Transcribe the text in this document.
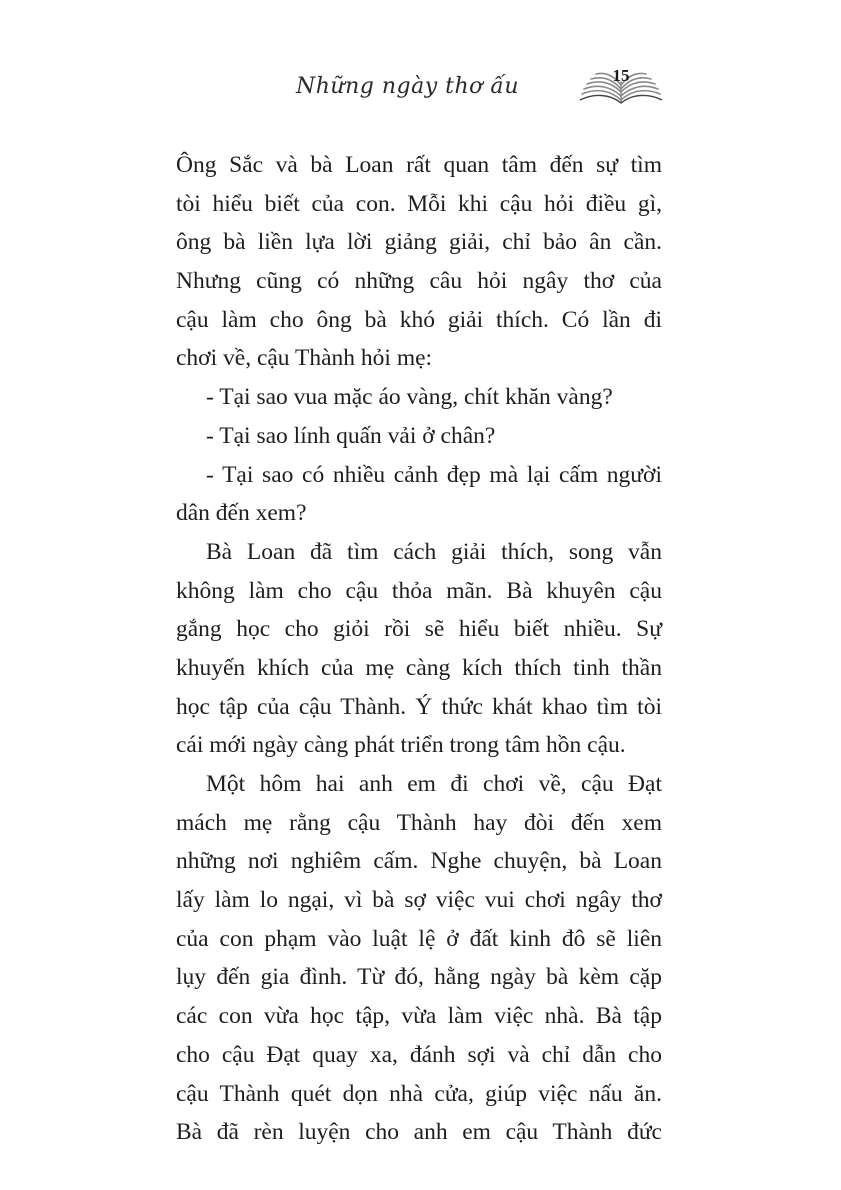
Những ngày thơ ấu	15
Ông Sắc và bà Loan rất quan tâm đến sự tìm
tòi hiểu biết của con. Mỗi khi cậu hỏi điều gì,
ông bà liền lựa lời giảng giải, chỉ bảo ân cần.
Nhưng cũng có những câu hỏi ngây thơ của
cậu làm cho ông bà khó giải thích. Có lần đi
chơi về, cậu Thành hỏi mẹ:
- Tại sao vua mặc áo vàng, chít khăn vàng?
- Tại sao lính quấn vải ở chân?
- Tại sao có nhiều cảnh đẹp mà lại cấm người
dân đến xem?
Bà Loan đã tìm cách giải thích, song vẫn
không làm cho cậu thỏa mãn. Bà khuyên cậu
gắng học cho giỏi rồi sẽ hiểu biết nhiều. Sự
khuyến khích của mẹ càng kích thích tinh thần
học tập của cậu Thành. Ý thức khát khao tìm tòi
cái mới ngày càng phát triển trong tâm hồn cậu.
Một hôm hai anh em đi chơi về, cậu Đạt
mách mẹ rằng cậu Thành hay đòi đến xem
những nơi nghiêm cấm. Nghe chuyện, bà Loan
lấy làm lo ngại, vì bà sợ việc vui chơi ngây thơ
của con phạm vào luật lệ ở đất kinh đô sẽ liên
lụy đến gia đình. Từ đó, hằng ngày bà kèm cặp
các con vừa học tập, vừa làm việc nhà. Bà tập
cho cậu Đạt quay xa, đánh sợi và chỉ dẫn cho
cậu Thành quét dọn nhà cửa, giúp việc nấu ăn.
Bà đã rèn luyện cho anh em cậu Thành đức
